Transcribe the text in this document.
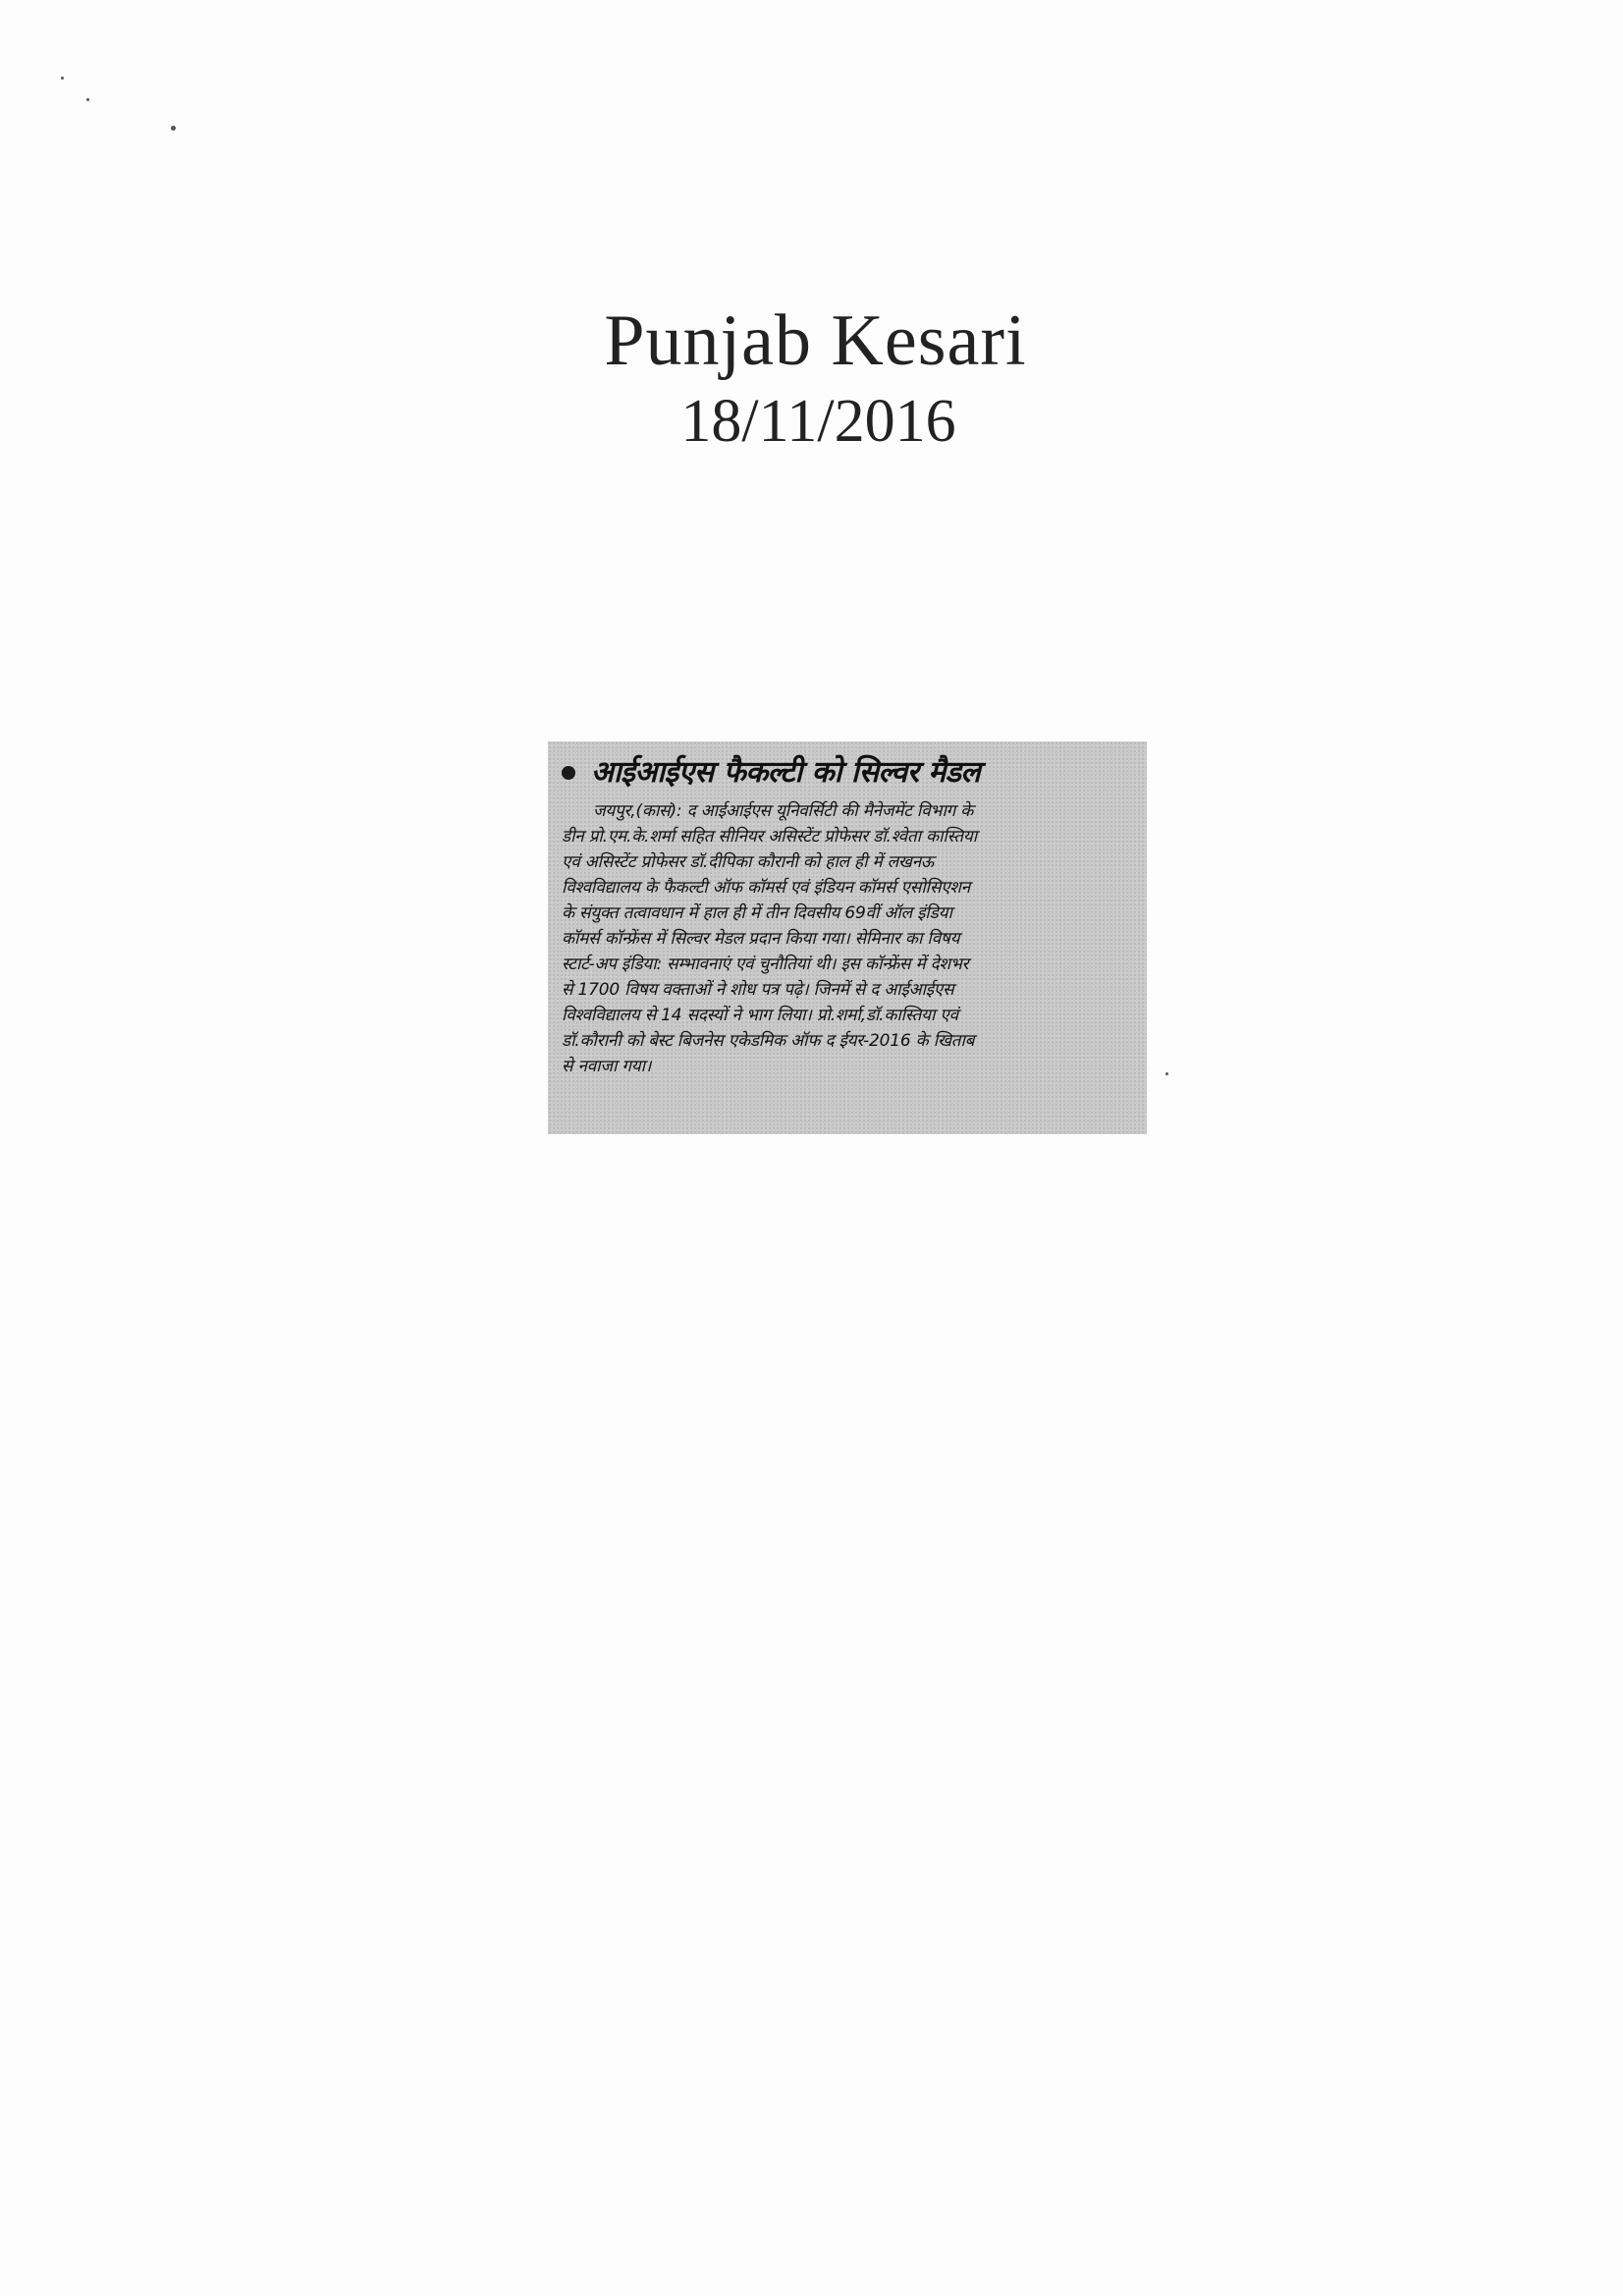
Punjab Kesari
18/11/2016
आईआईएस फैकल्टी को सिल्वर मैडल
जयपुर,(कासं): द आईआईएस यूनिवर्सिटी की मैनेजमेंट विभाग के
डीन प्रो.एम.के.शर्मा सहित सीनियर असिस्टेंट प्रोफेसर डॉ.श्वेता कास्तिया
एवं असिस्टेंट प्रोफेसर डॉ.दीपिका कौरानी को हाल ही में लखनऊ
विश्वविद्यालय के फैकल्टी ऑफ कॉमर्स एवं इंडियन कॉमर्स एसोसिएशन
के संयुक्त तत्वावधान में हाल ही में तीन दिवसीय 69वीं ऑल इंडिया
कॉमर्स कॉन्फ्रेंस में सिल्वर मेडल प्रदान किया गया। सेमिनार का विषय
स्टार्ट-अप इंडिया: सम्भावनाएं एवं चुनौतियां थी। इस कॉन्फ्रेंस में देशभर
से 1700 विषय वक्ताओं ने शोध पत्र पढ़े। जिनमें से द आईआईएस
विश्वविद्यालय से 14 सदस्यों ने भाग लिया। प्रो.शर्मा,डॉ.कास्तिया एवं
डॉ.कौरानी को बेस्ट बिजनेस एकेडमिक ऑफ द ईयर-2016 के खिताब
से नवाजा गया।
